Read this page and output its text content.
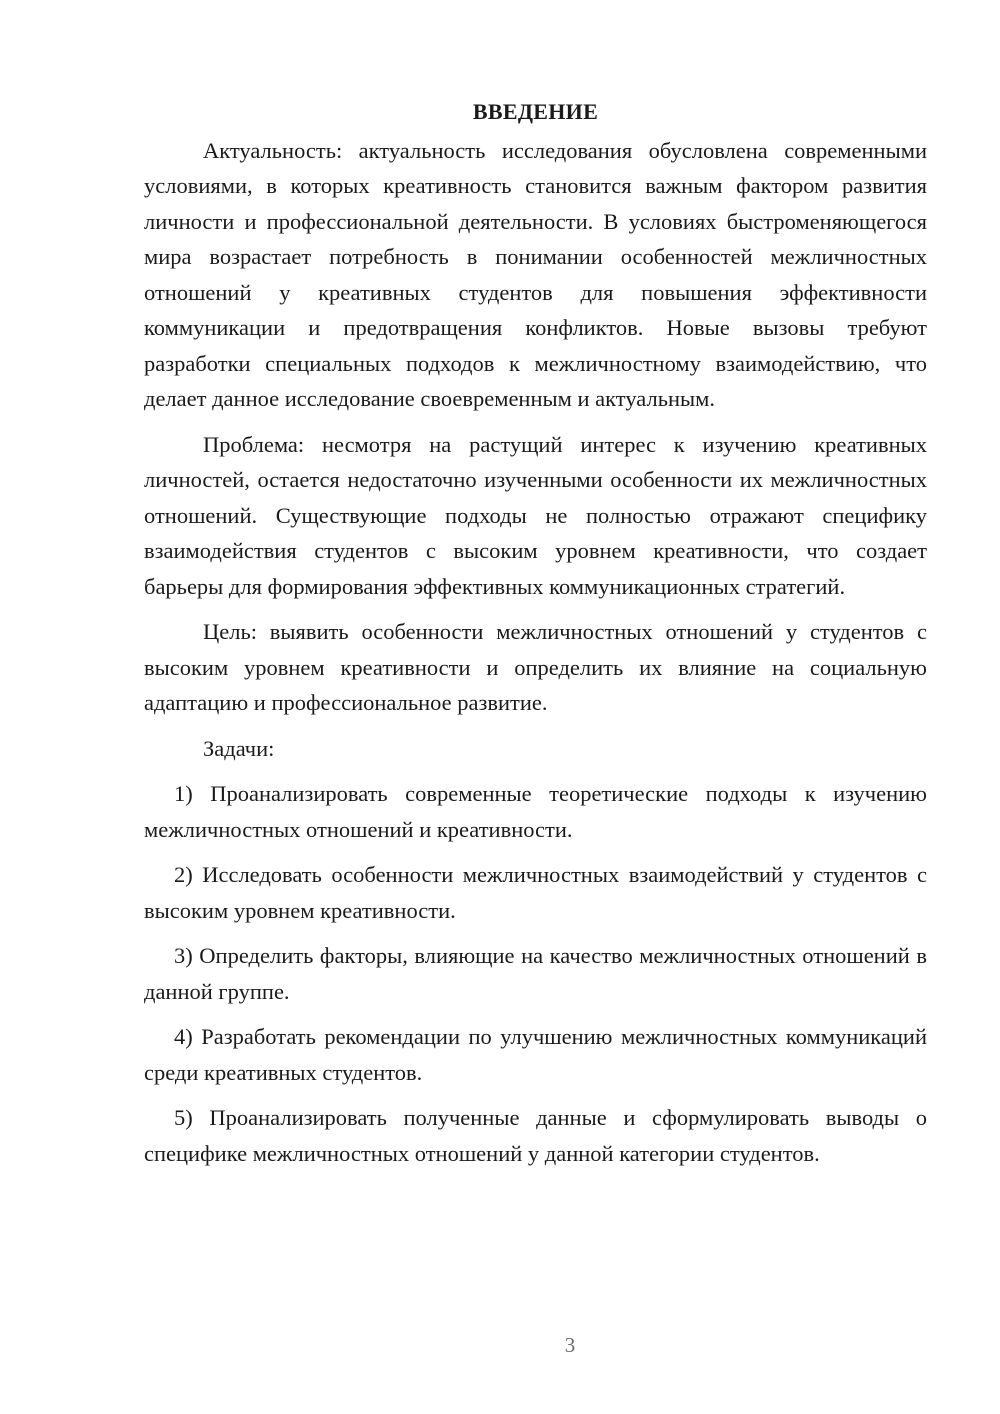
ВВЕДЕНИЕ

Актуальность: актуальность исследования обусловлена современными условиями, в которых креативность становится важным фактором развития личности и профессиональной деятельности. В условиях быстроменяющегося мира возрастает потребность в понимании особенностей межличностных отношений у креативных студентов для повышения эффективности коммуникации и предотвращения конфликтов. Новые вызовы требуют разработки специальных подходов к межличностному взаимодействию, что делает данное исследование своевременным и актуальным.

Проблема: несмотря на растущий интерес к изучению креативных личностей, остается недостаточно изученными особенности их межличностных отношений. Существующие подходы не полностью отражают специфику взаимодействия студентов с высоким уровнем креативности, что создает барьеры для формирования эффективных коммуникационных стратегий.

Цель: выявить особенности межличностных отношений у студентов с высоким уровнем креативности и определить их влияние на социальную адаптацию и профессиональное развитие.

Задачи:

1) Проанализировать современные теоретические подходы к изучению межличностных отношений и креативности.

2) Исследовать особенности межличностных взаимодействий у студентов с высоким уровнем креативности.

3) Определить факторы, влияющие на качество межличностных отношений в данной группе.

4) Разработать рекомендации по улучшению межличностных коммуникаций среди креативных студентов.

5) Проанализировать полученные данные и сформулировать выводы о специфике межличностных отношений у данной категории студентов.

3
